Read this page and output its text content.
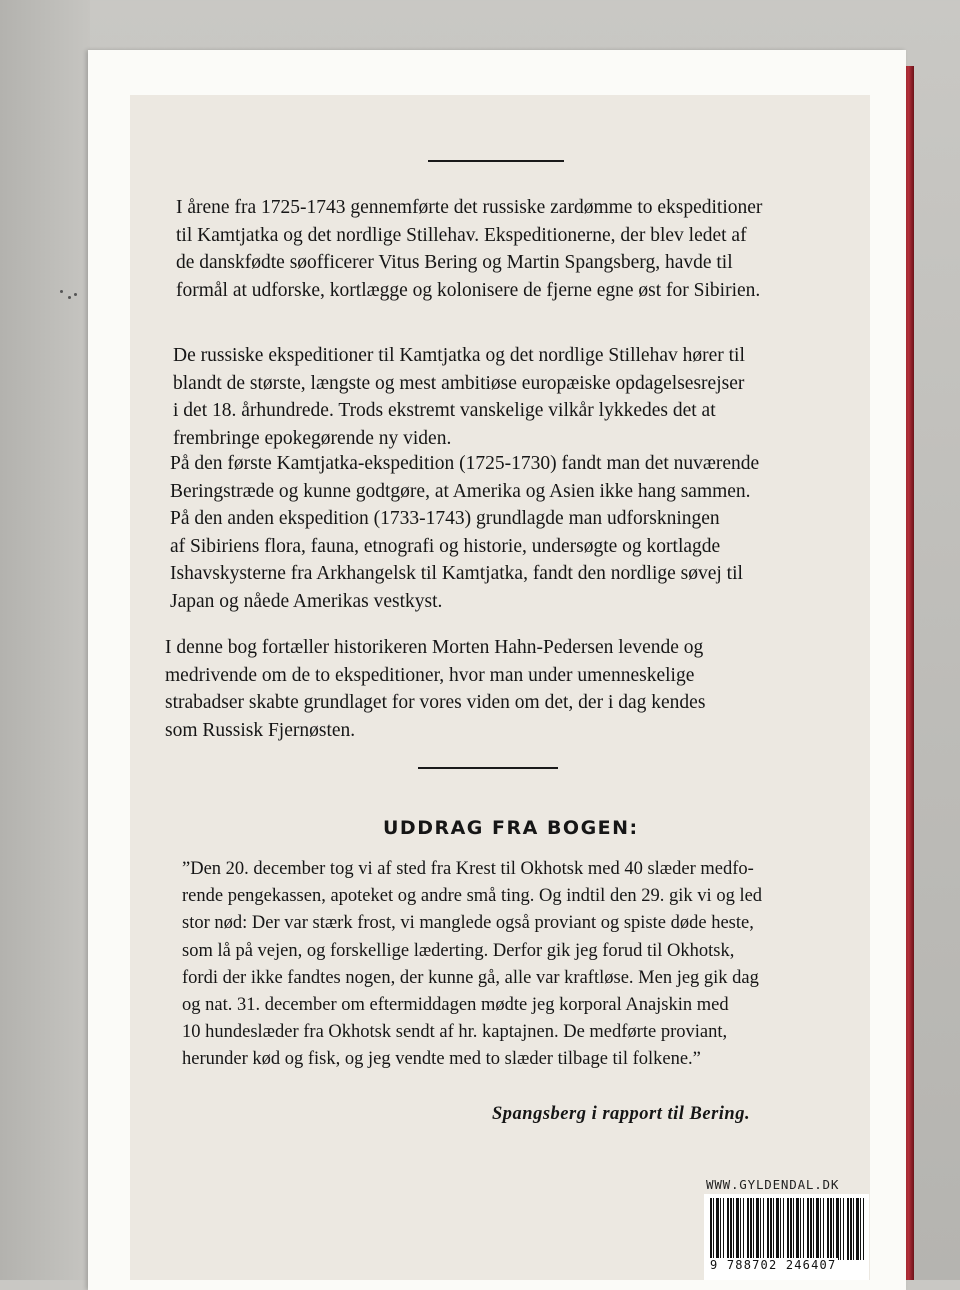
I årene fra 1725-1743 gennemførte det russiske zardømme to ekspeditioner
til Kamtjatka og det nordlige Stillehav. Ekspeditionerne, der blev ledet af
de danskfødte søofficerer Vitus Bering og Martin Spangsberg, havde til
formål at udforske, kortlægge og kolonisere de fjerne egne øst for Sibirien.

De russiske ekspeditioner til Kamtjatka og det nordlige Stillehav hører til
blandt de største, længste og mest ambitiøse europæiske opdagelsesrejser
i det 18. århundrede. Trods ekstremt vanskelige vilkår lykkedes det at
frembringe epokegørende ny viden.

På den første Kamtjatka-ekspedition (1725-1730) fandt man det nuværende
Beringstræde og kunne godtgøre, at Amerika og Asien ikke hang sammen.
På den anden ekspedition (1733-1743) grundlagde man udforskningen
af Sibiriens flora, fauna, etnografi og historie, undersøgte og kortlagde
Ishavskysterne fra Arkhangelsk til Kamtjatka, fandt den nordlige søvej til
Japan og nåede Amerikas vestkyst.

I denne bog fortæller historikeren Morten Hahn-Pedersen levende og
medrivende om de to ekspeditioner, hvor man under umenneskelige
strabadser skabte grundlaget for vores viden om det, der i dag kendes
som Russisk Fjernøsten.

UDDRAG FRA BOGEN:

”Den 20. december tog vi af sted fra Krest til Okhotsk med 40 slæder medfo-
rende pengekassen, apoteket og andre små ting. Og indtil den 29. gik vi og led
stor nød: Der var stærk frost, vi manglede også proviant og spiste døde heste,
som lå på vejen, og forskellige læderting. Derfor gik jeg forud til Okhotsk,
fordi der ikke fandtes nogen, der kunne gå, alle var kraftløse. Men jeg gik dag
og nat. 31. december om eftermiddagen mødte jeg korporal Anajskin med
10 hundeslæder fra Okhotsk sendt af hr. kaptajnen. De medførte proviant,
herunder kød og fisk, og jeg vendte med to slæder tilbage til folkene.”

Spangsberg i rapport til Bering.

WWW.GYLDENDAL.DK

9 788702 246407
